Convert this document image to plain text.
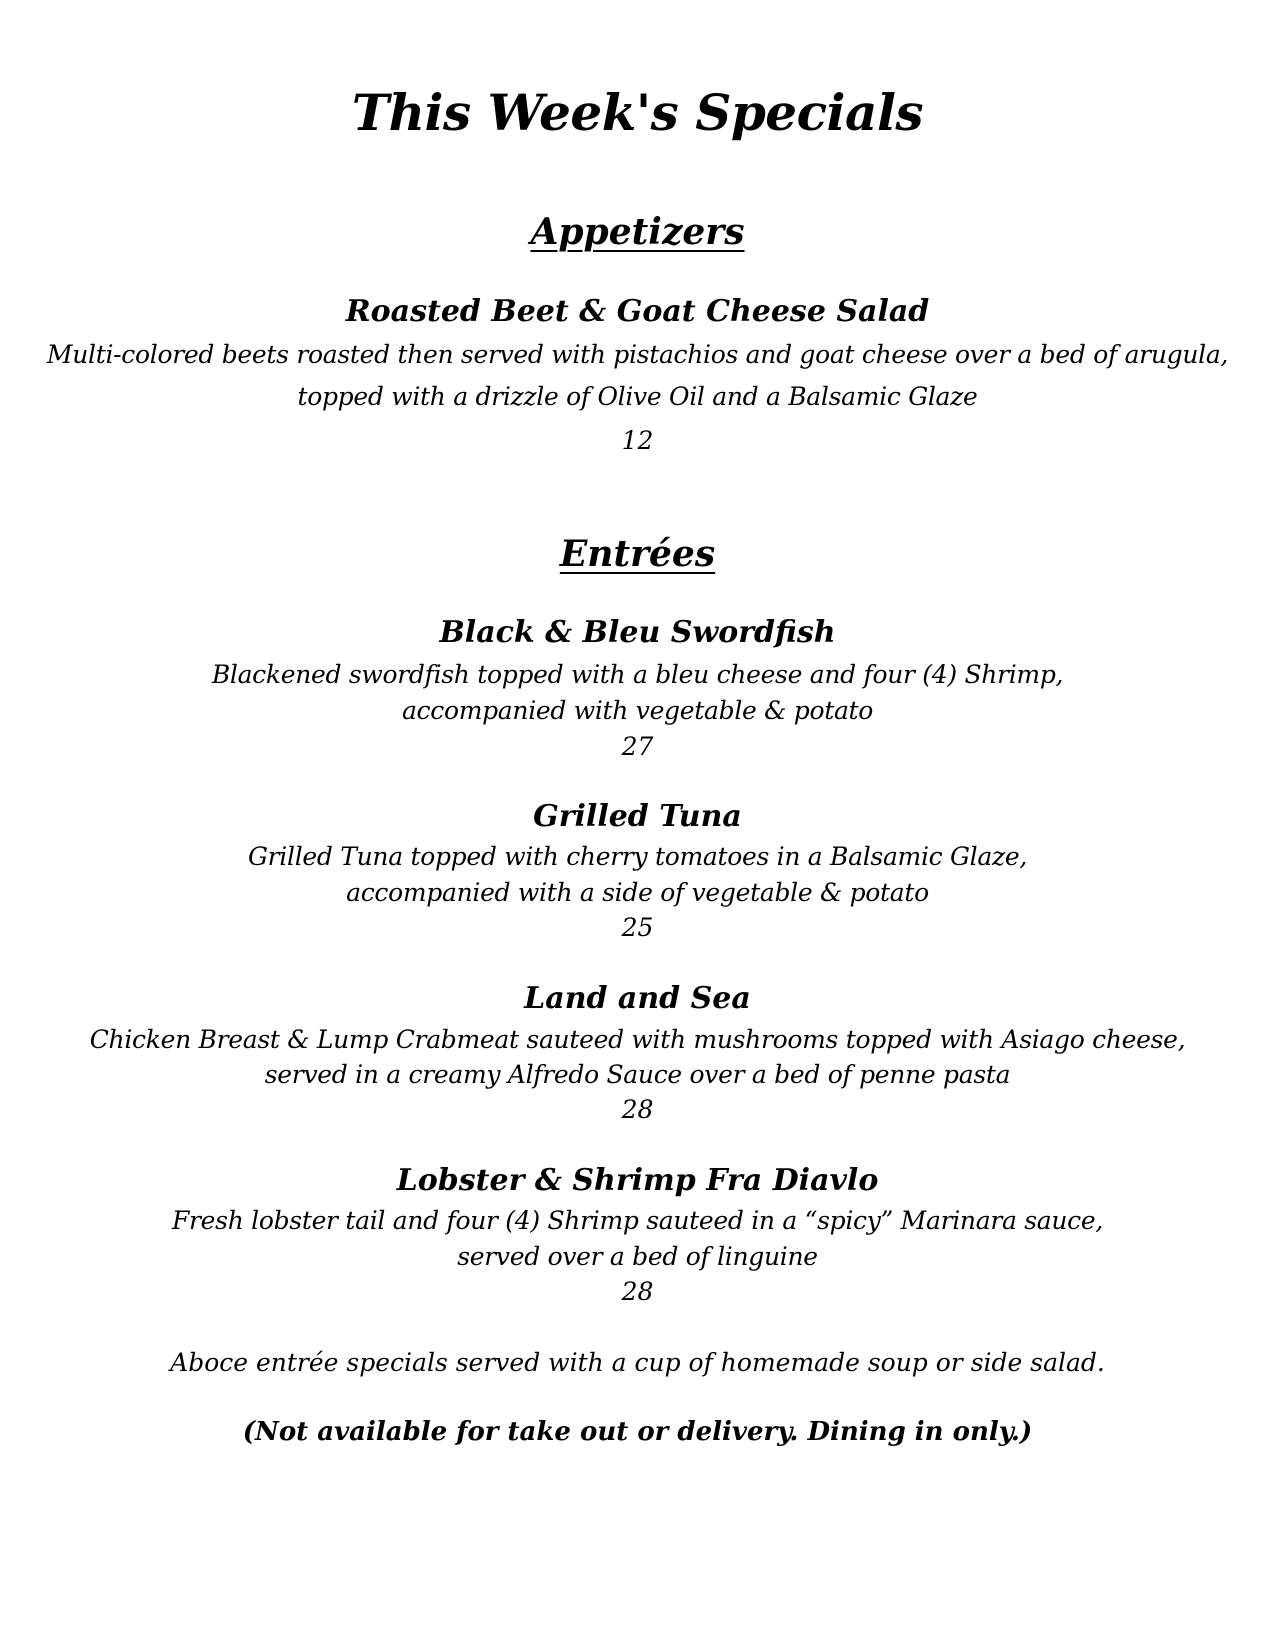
This Week's Specials
Appetizers
Roasted Beet & Goat Cheese Salad
Multi-colored beets roasted then served with pistachios and goat cheese over a bed of arugula,
topped with a drizzle of Olive Oil and a Balsamic Glaze
12
Entrées
Black & Bleu Swordfish
Blackened swordfish topped with a bleu cheese and four (4) Shrimp,
accompanied with vegetable & potato
27
Grilled Tuna
Grilled Tuna topped with cherry tomatoes in a Balsamic Glaze,
accompanied with a side of vegetable & potato
25
Land and Sea
Chicken Breast & Lump Crabmeat sauteed with mushrooms topped with Asiago cheese,
served in a creamy Alfredo Sauce over a bed of penne pasta
28
Lobster & Shrimp Fra Diavlo
Fresh lobster tail and four (4) Shrimp sauteed in a “spicy” Marinara sauce,
served over a bed of linguine
28
Aboce entrée specials served with a cup of homemade soup or side salad.
(Not available for take out or delivery. Dining in only.)
